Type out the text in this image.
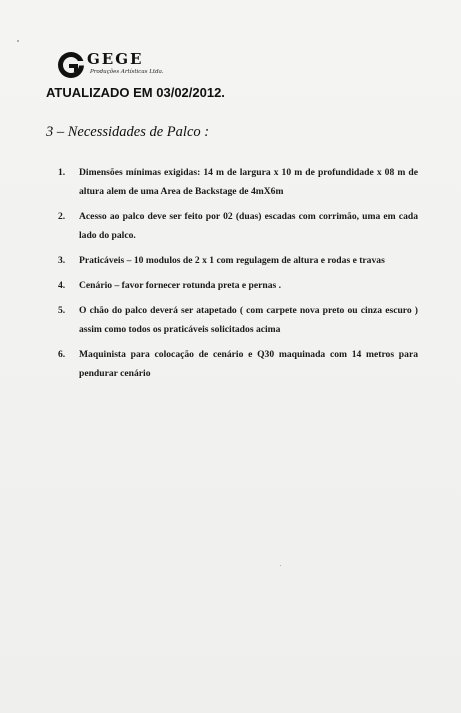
GEGE
Produções Artísticas Ltda.
ATUALIZADO EM 03/02/2012.
3 – Necessidades de Palco :
1. Dimensões mínimas exigidas: 14 m de largura x 10 m de profundidade x 08 m de altura alem de uma Area de Backstage de 4mX6m
2. Acesso ao palco deve ser feito por 02 (duas) escadas com corrimão, uma em cada lado do palco.
3. Praticáveis – 10 modulos de 2 x 1 com regulagem de altura e rodas e travas
4. Cenário – favor fornecer rotunda preta e pernas .
5. O chão do palco deverá ser atapetado ( com carpete nova preto ou cinza escuro ) assim como todos os praticáveis solicitados acima
6. Maquinista para colocação de cenário e Q30 maquinada com 14 metros para pendurar cenário
